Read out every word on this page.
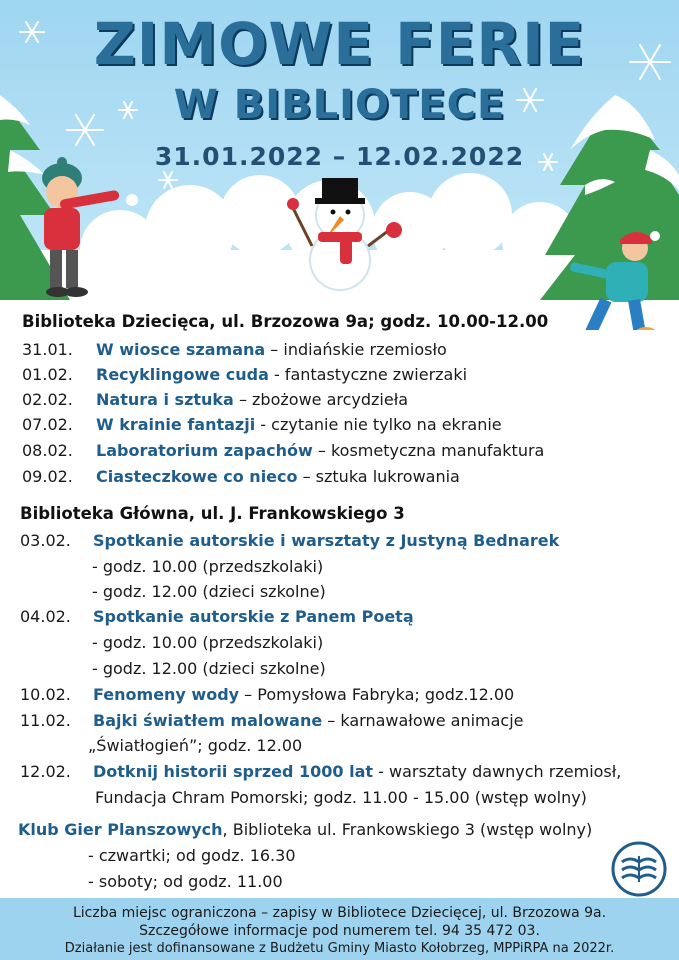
ZIMOWE FERIE
W BIBLIOTECE
31.01.2022 – 12.02.2022
Biblioteka Dziecięca, ul. Brzozowa 9a; godz. 10.00-12.00
31.01. W wiosce szamana – indiańskie rzemiosło
01.02. Recyklingowe cuda - fantastyczne zwierzaki
02.02. Natura i sztuka – zbożowe arcydzieła
07.02. W krainie fantazji - czytanie nie tylko na ekranie
08.02. Laboratorium zapachów – kosmetyczna manufaktura
09.02. Ciasteczkowe co nieco – sztuka lukrowania
Biblioteka Główna, ul. J. Frankowskiego 3
03.02. Spotkanie autorskie i warsztaty z Justyną Bednarek
- godz. 10.00 (przedszkolaki)
- godz. 12.00 (dzieci szkolne)
04.02. Spotkanie autorskie z Panem Poetą
- godz. 10.00 (przedszkolaki)
- godz. 12.00 (dzieci szkolne)
10.02. Fenomeny wody – Pomysłowa Fabryka; godz.12.00
11.02. Bajki światłem malowane – karnawałowe animacje
„Światłogień”; godz. 12.00
12.02. Dotknij historii sprzed 1000 lat - warsztaty dawnych rzemiosł,
Fundacja Chram Pomorski; godz. 11.00 - 15.00 (wstęp wolny)
Klub Gier Planszowych, Biblioteka ul. Frankowskiego 3 (wstęp wolny)
- czwartki; od godz. 16.30
- soboty; od godz. 11.00
Liczba miejsc ograniczona – zapisy w Bibliotece Dziecięcej, ul. Brzozowa 9a.
Szczegółowe informacje pod numerem tel. 94 35 472 03.
Działanie jest dofinansowane z Budżetu Gminy Miasto Kołobrzeg, MPPiRPA na 2022r.
